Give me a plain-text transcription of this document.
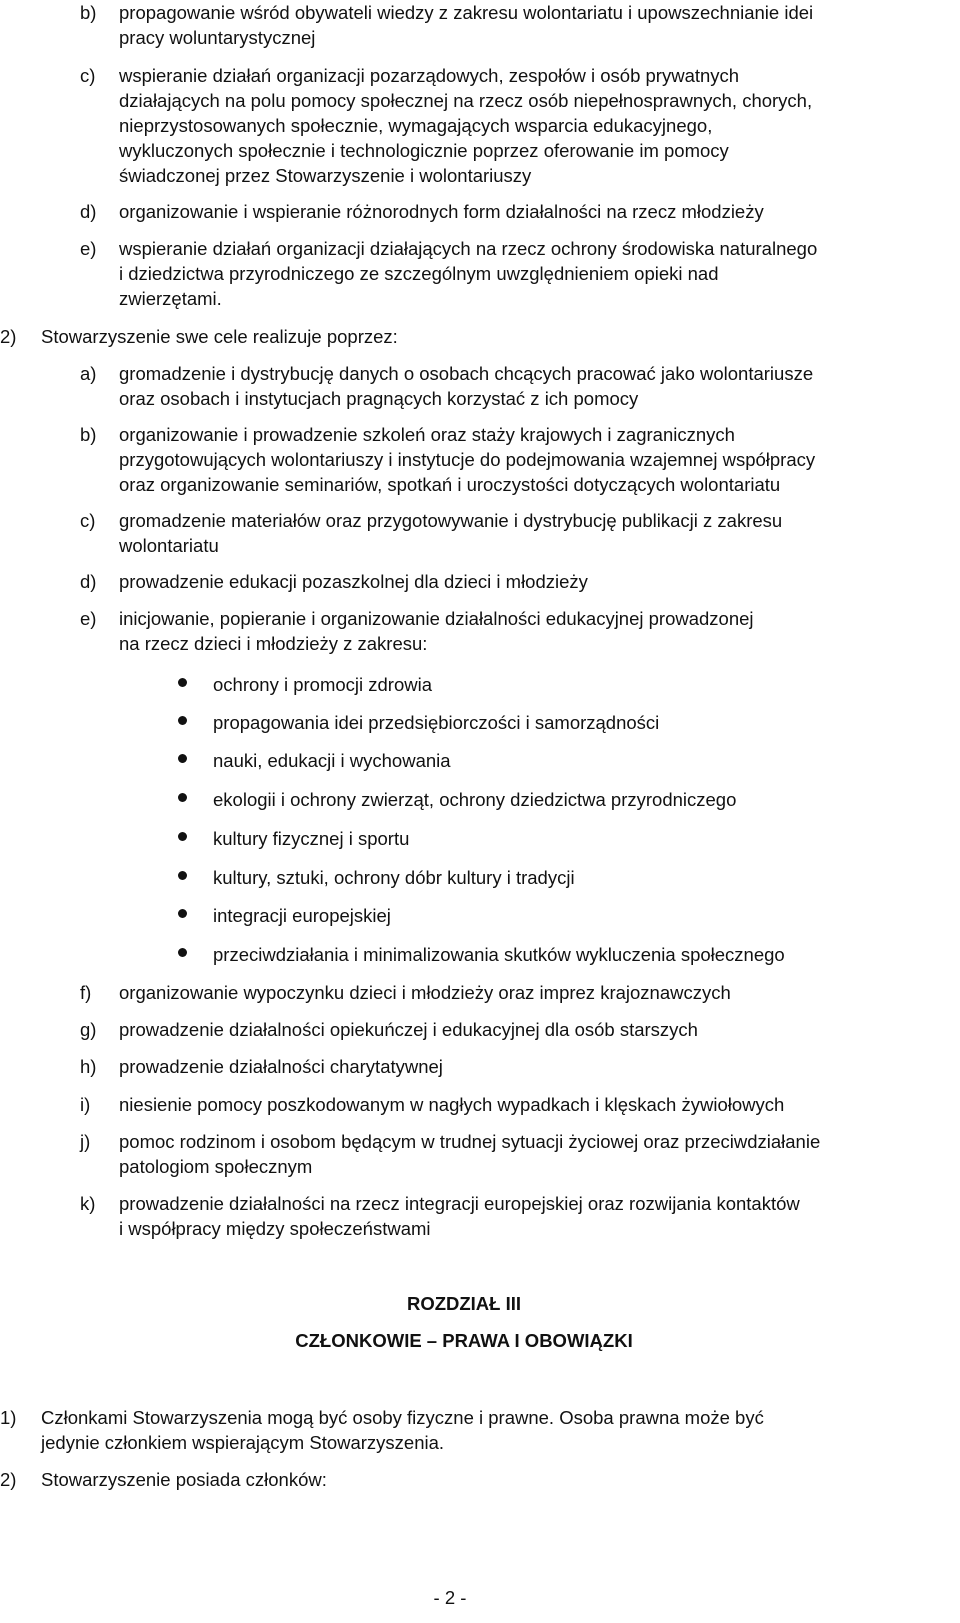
b)	propagowanie wśród obywateli wiedzy z zakresu wolontariatu i upowszechnianie idei
pracy woluntarystycznej
c)	wspieranie działań organizacji pozarządowych, zespołów i osób prywatnych
działających na polu pomocy społecznej na rzecz osób niepełnosprawnych, chorych,
nieprzystosowanych społecznie, wymagających wsparcia edukacyjnego,
wykluczonych społecznie i technologicznie poprzez oferowanie im pomocy
świadczonej przez Stowarzyszenie i wolontariuszy
d)	organizowanie i wspieranie różnorodnych form działalności na rzecz młodzieży
e)	wspieranie działań organizacji działających na rzecz ochrony środowiska naturalnego
i dziedzictwa przyrodniczego ze szczególnym uwzględnieniem opieki nad
zwierzętami.
2)	Stowarzyszenie swe cele realizuje poprzez:
a)	gromadzenie i dystrybucję danych o osobach chcących pracować jako wolontariusze
oraz osobach i instytucjach pragnących korzystać z ich pomocy
b)	organizowanie i prowadzenie szkoleń oraz staży krajowych i zagranicznych
przygotowujących wolontariuszy i instytucje do podejmowania wzajemnej współpracy
oraz organizowanie seminariów, spotkań i uroczystości dotyczących wolontariatu
c)	gromadzenie materiałów oraz przygotowywanie i dystrybucję publikacji z zakresu
wolontariatu
d)	prowadzenie edukacji pozaszkolnej dla dzieci i młodzieży
e)	inicjowanie, popieranie i organizowanie działalności edukacyjnej prowadzonej
na rzecz dzieci i młodzieży z zakresu:
ochrony i promocji zdrowia
propagowania idei przedsiębiorczości i samorządności
nauki, edukacji i wychowania
ekologii i ochrony zwierząt, ochrony dziedzictwa przyrodniczego
kultury fizycznej i sportu
kultury, sztuki, ochrony dóbr kultury i tradycji
integracji europejskiej
przeciwdziałania i minimalizowania skutków wykluczenia społecznego
f)	organizowanie wypoczynku dzieci i młodzieży oraz imprez krajoznawczych
g)	prowadzenie działalności opiekuńczej i edukacyjnej dla osób starszych
h)	prowadzenie działalności charytatywnej
i)	niesienie pomocy poszkodowanym w nagłych wypadkach i klęskach żywiołowych
j)	pomoc rodzinom i osobom będącym w trudnej sytuacji życiowej oraz przeciwdziałanie
patologiom społecznym
k)	prowadzenie działalności na rzecz integracji europejskiej oraz rozwijania kontaktów
i współpracy między społeczeństwami
ROZDZIAŁ III
CZŁONKOWIE – PRAWA I OBOWIĄZKI
1)	Członkami Stowarzyszenia mogą być osoby fizyczne i prawne. Osoba prawna może być
jedynie członkiem wspierającym Stowarzyszenia.
2)	Stowarzyszenie posiada członków:
- 2 -
